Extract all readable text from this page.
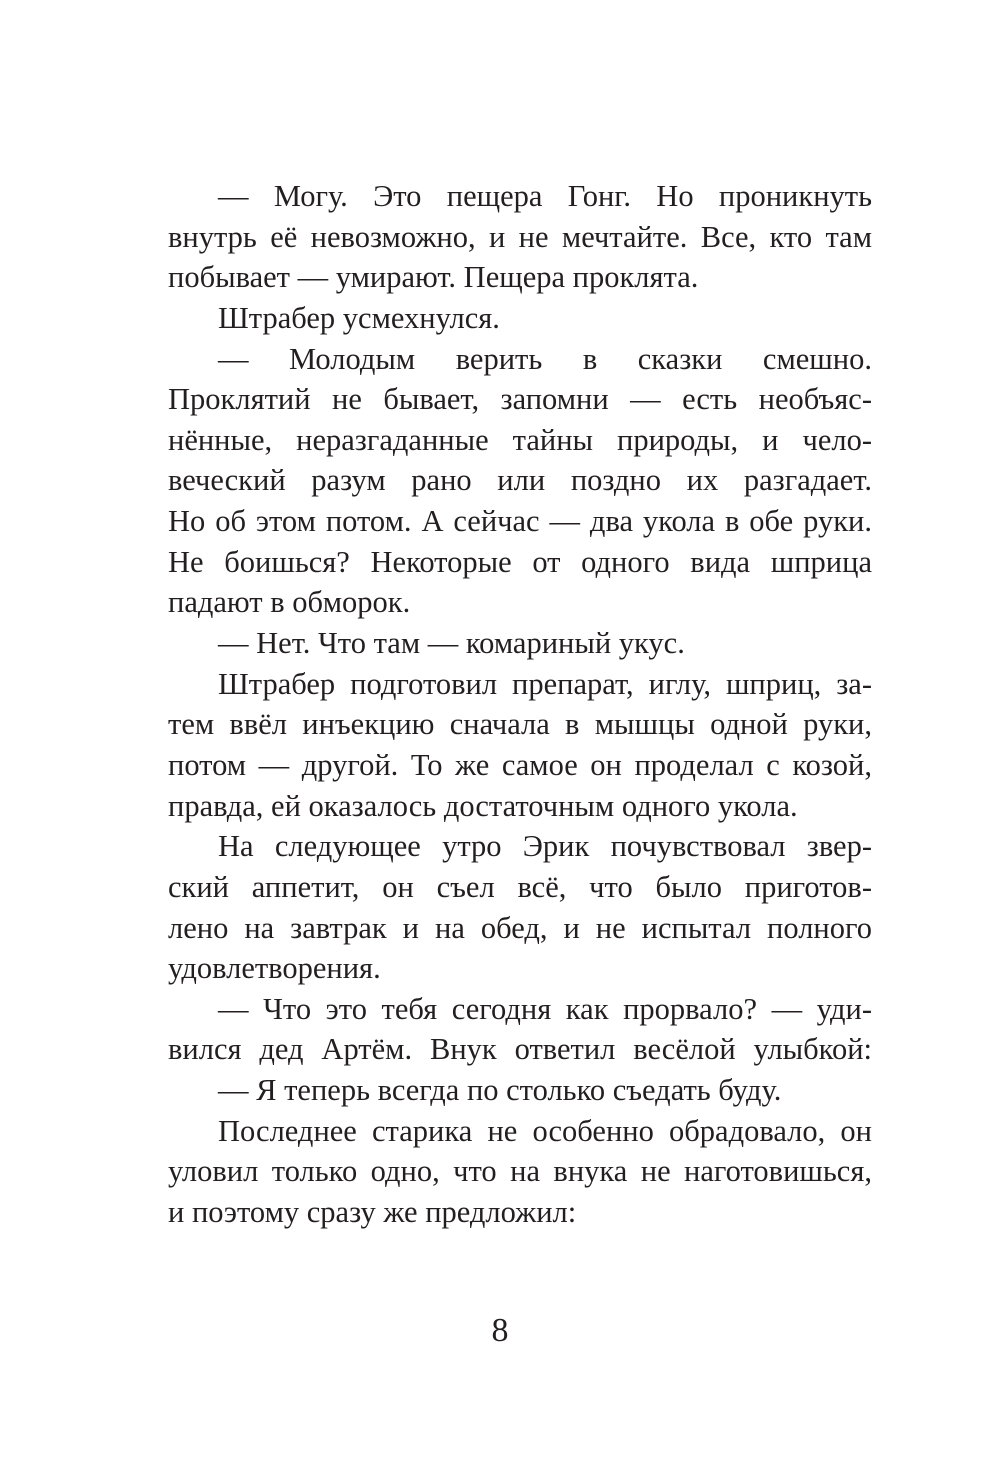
— Могу. Это пещера Гонг. Но проникнуть
внутрь её невозможно, и не мечтайте. Все, кто там
побывает — умирают. Пещера проклята.
Штрабер усмехнулся.
— Молодым верить в сказки смешно.
Проклятий не бывает, запомни — есть необъяс-
нённые, неразгаданные тайны природы, и чело-
веческий разум рано или поздно их разгадает.
Но об этом потом. А сейчас — два укола в обе руки.
Не боишься? Некоторые от одного вида шприца
падают в обморок.
— Нет. Что там — комариный укус.
Штрабер подготовил препарат, иглу, шприц, за-
тем ввёл инъекцию сначала в мышцы одной руки,
потом — другой. То же самое он проделал с козой,
правда, ей оказалось достаточным одного укола.
На следующее утро Эрик почувствовал звер-
ский аппетит, он съел всё, что было приготов-
лено на завтрак и на обед, и не испытал полного
удовлетворения.
— Что это тебя сегодня как прорвало? — уди-
вился дед Артём. Внук ответил весёлой улыбкой:
— Я теперь всегда по столько съедать буду.
Последнее старика не особенно обрадовало, он
уловил только одно, что на внука не наготовишься,
и поэтому сразу же предложил:
8
